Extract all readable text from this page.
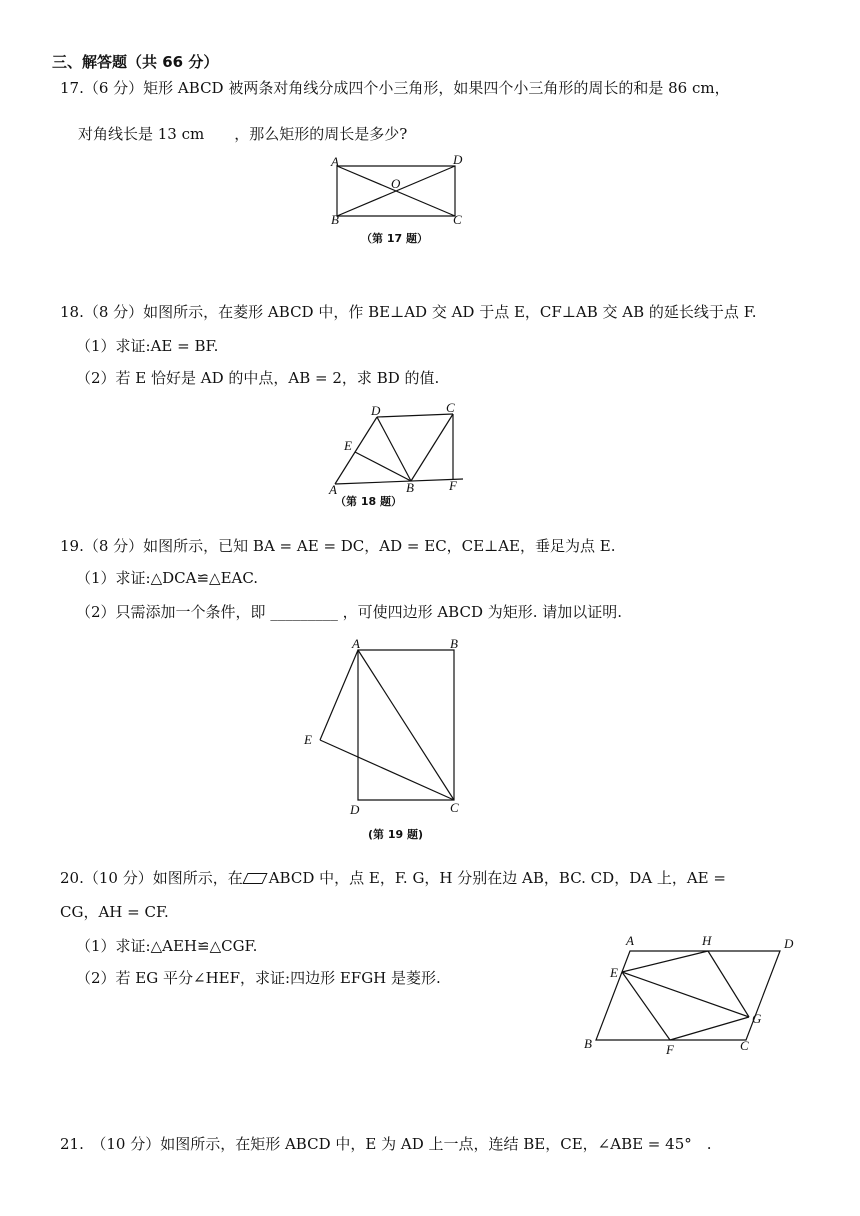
三、解答题（共 66 分）
17.（6 分）矩形 ABCD 被两条对角线分成四个小三角形，如果四个小三角形的周长的和是 86 cm，
对角线长是 13 cm　　，那么矩形的周长是多少?
A	D
O
B	C
（第 17 题）
18.（8 分）如图所示，在菱形 ABCD 中，作 BE⊥AD 交 AD 于点 E，CF⊥AB 交 AB 的延长线于点 F.
（1）求证:AE = BF.
（2）若 E 恰好是 AD 的中点，AB = 2，求 BD 的值.
D	C
E
A	B	F
（第 18 题）
19.（8 分）如图所示，已知 BA = AE = DC，AD = EC，CE⊥AE，垂足为点 E.
（1）求证:△DCA≌△EAC.
（2）只需添加一个条件，即 _________ ，可使四边形 ABCD 为矩形. 请加以证明.
A	B
E
D	C
(第 19 题)
20.（10 分）如图所示，在 ABCD 中，点 E，F. G，H 分别在边 AB，BC. CD，DA 上，AE =
CG，AH = CF.
（1）求证:△AEH≌△CGF.
（2）若 EG 平分∠HEF，求证:四边形 EFGH 是菱形.
A	H	D
E
G
B	F	C
21.　（10 分）如图所示，在矩形 ABCD 中，E 为 AD 上一点，连结 BE，CE，∠ABE = 45°　.
